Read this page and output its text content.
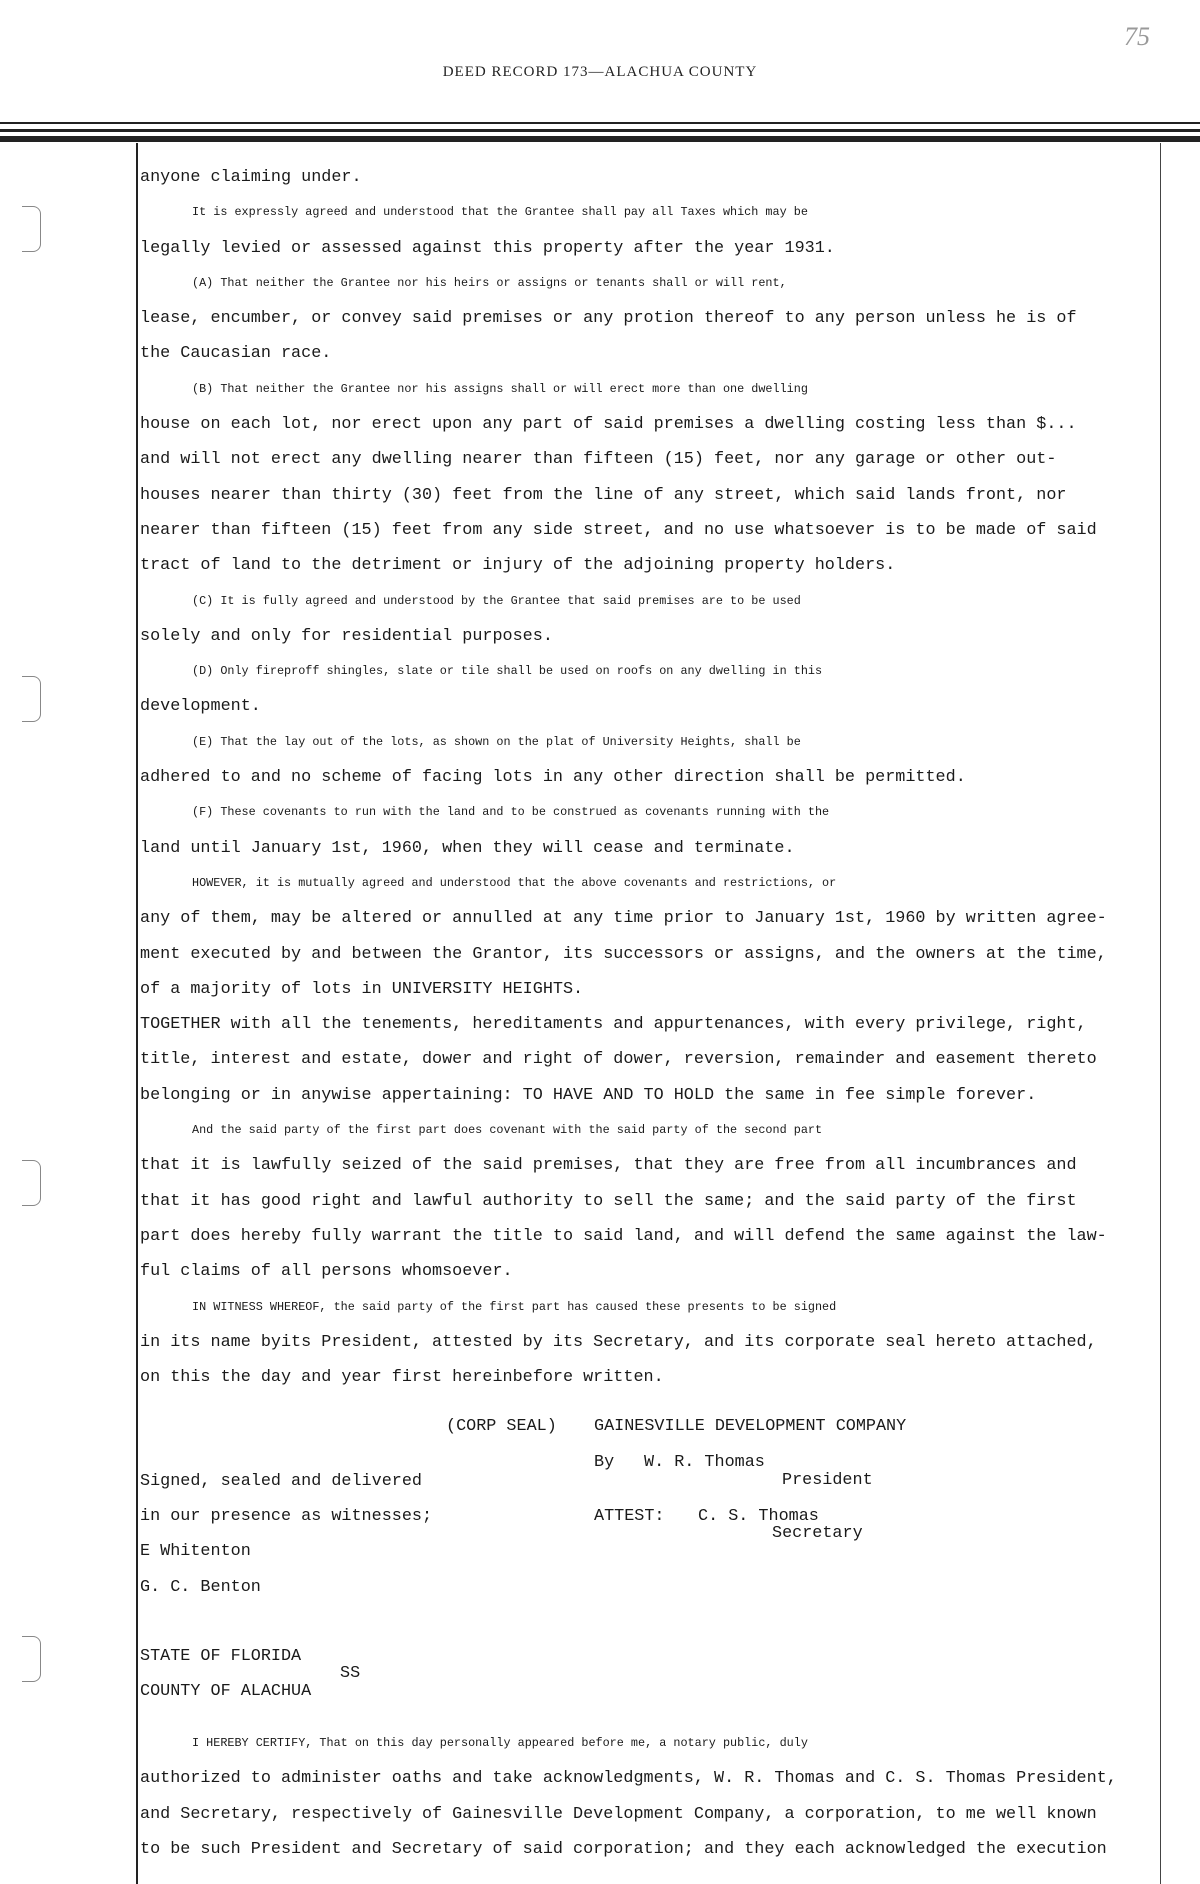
75
DEED RECORD 173—ALACHUA COUNTY

anyone claiming under.

It is expressly agreed and understood that the Grantee shall pay all Taxes which may be

legally levied or assessed against this property after the year 1931.

(A) That neither the Grantee nor his heirs or assigns or tenants shall or will rent,

lease, encumber, or convey said premises or any protion thereof to any person unless he is of

the Caucasian race.

(B) That neither the Grantee nor his assigns shall or will erect more than one dwelling

house on each lot, nor erect upon any part of said premises a dwelling costing less than $...

and will not erect any dwelling nearer than fifteen (15) feet, nor any garage or other out-

houses nearer than thirty (30) feet from the line of any street, which said lands front, nor

nearer than fifteen (15) feet from any side street, and no use whatsoever is to be made of said

tract of land to the detriment or injury of the adjoining property holders.

(C) It is fully agreed and understood by the Grantee that said premises are to be used

solely and only for residential purposes.

(D) Only fireproff shingles, slate or tile shall be used on roofs on any dwelling in this

development.

(E) That the lay out of the lots, as shown on the plat of University Heights, shall be

adhered to and no scheme of facing lots in any other direction shall be permitted.

(F) These covenants to run with the land and to be construed as covenants running with the

land until January 1st, 1960, when they will cease and terminate.

HOWEVER, it is mutually agreed and understood that the above covenants and restrictions, or

any of them, may be altered or annulled at any time prior to January 1st, 1960 by written agree-

ment executed by and between the Grantor, its successors or assigns, and the owners at the time,

of a majority of lots in UNIVERSITY HEIGHTS.

TOGETHER with all the tenements, hereditaments and appurtenances, with every privilege, right,

title, interest and estate, dower and right of dower, reversion, remainder and easement thereto

belonging or in anywise appertaining: TO HAVE AND TO HOLD the same in fee simple forever.

And the said party of the first part does covenant with the said party of the second part

that it is lawfully seized of the said premises, that they are free from all incumbrances and

that it has good right and lawful authority to sell the same; and the said party of the first

part does hereby fully warrant the title to said land, and will defend the same against the law-

ful claims of all persons whomsoever.

IN WITNESS WHEREOF, the said party of the first part has caused these presents to be signed

in its name byits President, attested by its Secretary, and its corporate seal hereto attached,

on this the day and year first hereinbefore written.

(CORP SEAL) GAINESVILLE DEVELOPMENT COMPANY
By W. R. Thomas
President
Signed, sealed and delivered
in our presence as witnesses;	ATTEST: C. S. Thomas
Secretary
E Whitenton
G. C. Benton
STATE OF FLORIDA
SS
COUNTY OF ALACHUA

I HEREBY CERTIFY, That on this day personally appeared before me, a notary public, duly

authorized to administer oaths and take acknowledgments, W. R. Thomas and C. S. Thomas President,

and Secretary, respectively of Gainesville Development Company, a corporation, to me well known

to be such President and Secretary of said corporation; and they each acknowledged the execution
